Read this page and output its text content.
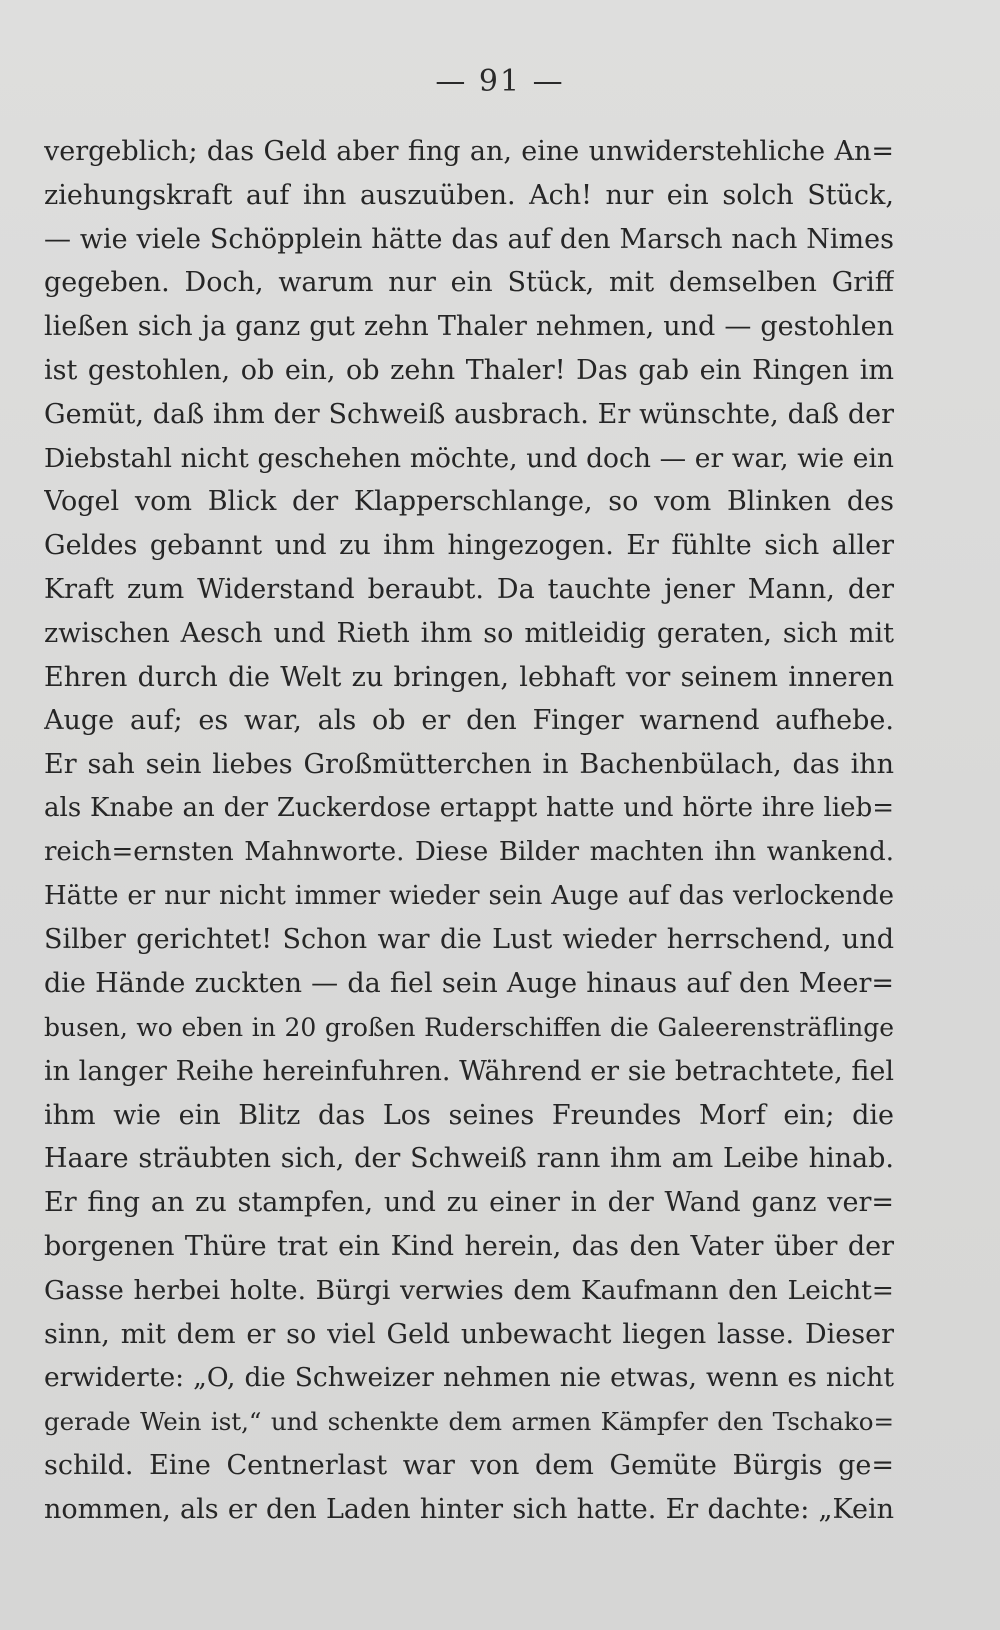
— 91 —
vergeblich; das Geld aber fing an, eine unwiderstehliche An=
ziehungskraft auf ihn auszuüben. Ach! nur ein solch Stück,
— wie viele Schöpplein hätte das auf den Marsch nach Nimes
gegeben. Doch, warum nur ein Stück, mit demselben Griff
ließen sich ja ganz gut zehn Thaler nehmen, und — gestohlen
ist gestohlen, ob ein, ob zehn Thaler! Das gab ein Ringen im
Gemüt, daß ihm der Schweiß ausbrach. Er wünschte, daß der
Diebstahl nicht geschehen möchte, und doch — er war, wie ein
Vogel vom Blick der Klapperschlange, so vom Blinken des
Geldes gebannt und zu ihm hingezogen. Er fühlte sich aller
Kraft zum Widerstand beraubt. Da tauchte jener Mann, der
zwischen Aesch und Rieth ihm so mitleidig geraten, sich mit
Ehren durch die Welt zu bringen, lebhaft vor seinem inneren
Auge auf; es war, als ob er den Finger warnend aufhebe.
Er sah sein liebes Großmütterchen in Bachenbülach, das ihn
als Knabe an der Zuckerdose ertappt hatte und hörte ihre lieb=
reich=ernsten Mahnworte. Diese Bilder machten ihn wankend.
Hätte er nur nicht immer wieder sein Auge auf das verlockende
Silber gerichtet! Schon war die Lust wieder herrschend, und
die Hände zuckten — da fiel sein Auge hinaus auf den Meer=
busen, wo eben in 20 großen Ruderschiffen die Galeerensträflinge
in langer Reihe hereinfuhren. Während er sie betrachtete, fiel
ihm wie ein Blitz das Los seines Freundes Morf ein; die
Haare sträubten sich, der Schweiß rann ihm am Leibe hinab.
Er fing an zu stampfen, und zu einer in der Wand ganz ver=
borgenen Thüre trat ein Kind herein, das den Vater über der
Gasse herbei holte. Bürgi verwies dem Kaufmann den Leicht=
sinn, mit dem er so viel Geld unbewacht liegen lasse. Dieser
erwiderte: „O, die Schweizer nehmen nie etwas, wenn es nicht
gerade Wein ist,“ und schenkte dem armen Kämpfer den Tschako=
schild. Eine Centnerlast war von dem Gemüte Bürgis ge=
nommen, als er den Laden hinter sich hatte. Er dachte: „Kein
